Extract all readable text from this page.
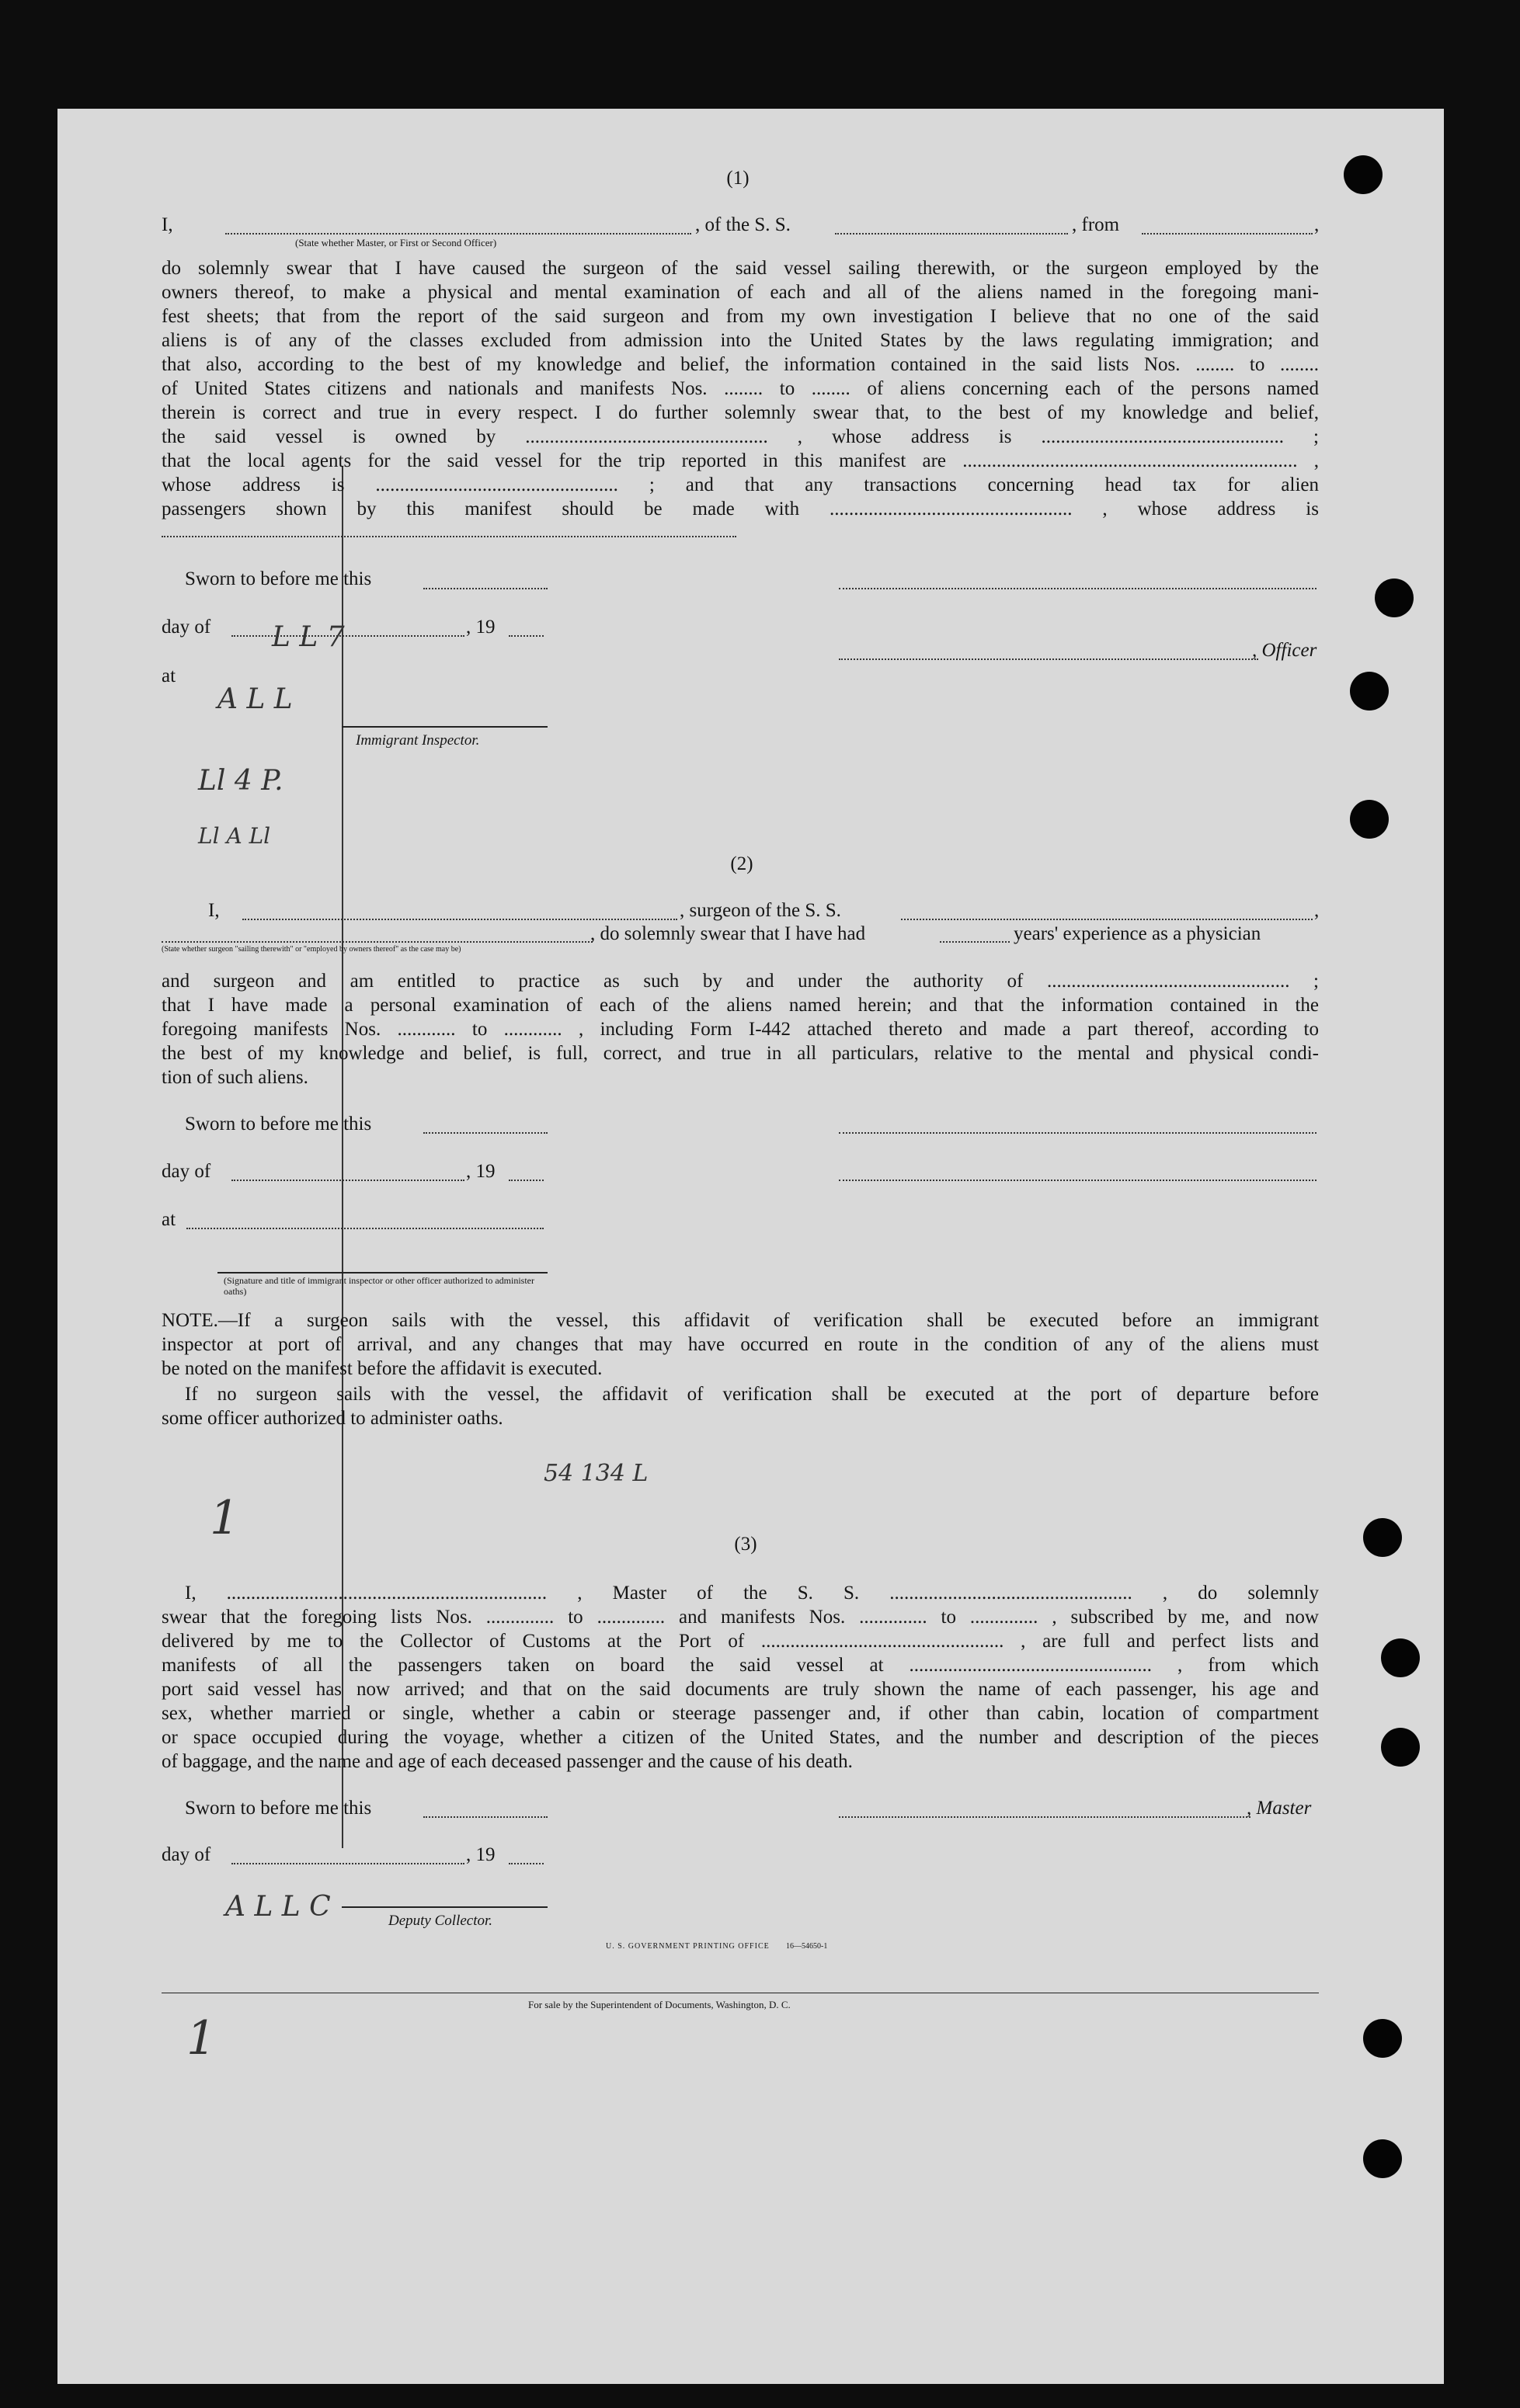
(1)
I,	, of the S. S.	, from	,
(State whether Master, or First or Second Officer)
do solemnly swear that I have caused the surgeon of the said vessel sailing therewith, or the surgeon employed by the
owners thereof, to make a physical and mental examination of each and all of the aliens named in the foregoing mani-
fest sheets; that from the report of the said surgeon and from my own investigation I believe that no one of the said
aliens is of any of the classes excluded from admission into the United States by the laws regulating immigration; and
that also, according to the best of my knowledge and belief, the information contained in the said lists Nos. ........ to ........
of United States citizens and nationals and manifests Nos. ........ to ........ of aliens concerning each of the persons named
therein is correct and true in every respect. I do further solemnly swear that, to the best of my knowledge and belief,
the said vessel is owned by .................................................. , whose address is .................................................. ;
that the local agents for the said vessel for the trip reported in this manifest are ..................................................................... ,
whose address is .................................................. ; and that any transactions concerning head tax for alien
passengers shown by this manifest should be made with .................................................. , whose address is
Sworn to before me this
day of	, 19
, Officer
at
Immigrant Inspector.
(2)
I,	, surgeon of the S. S.	,
, do solemnly swear that I have had	years' experience as a physician
(State whether surgeon "sailing therewith" or "employed by owners thereof" as the case may be)
and surgeon and am entitled to practice as such by and under the authority of .................................................. ;
that I have made a personal examination of each of the aliens named herein; and that the information contained in the
foregoing manifests Nos. ............ to ............ , including Form I-442 attached thereto and made a part thereof, according to
the best of my knowledge and belief, is full, correct, and true in all particulars, relative to the mental and physical condi-
tion of such aliens.
Sworn to before me this
day of	, 19
at
(Signature and title of immigrant inspector or other officer authorized to administer oaths)
NOTE.—If a surgeon sails with the vessel, this affidavit of verification shall be executed before an immigrant
inspector at port of arrival, and any changes that may have occurred en route in the condition of any of the aliens must
be noted on the manifest before the affidavit is executed.
If no surgeon sails with the vessel, the affidavit of verification shall be executed at the port of departure before
some officer authorized to administer oaths.
(3)
I, .................................................................. , Master of the S. S. .................................................. , do solemnly
swear that the foregoing lists Nos. .............. to .............. and manifests Nos. .............. to .............. , subscribed by me, and now
delivered by me to the Collector of Customs at the Port of .................................................. , are full and perfect lists and
manifests of all the passengers taken on board the said vessel at .................................................. , from which
port said vessel has now arrived; and that on the said documents are truly shown the name of each passenger, his age and
sex, whether married or single, whether a cabin or steerage passenger and, if other than cabin, location of compartment
or space occupied during the voyage, whether a citizen of the United States, and the number and description of the pieces
of baggage, and the name and age of each deceased passenger and the cause of his death.
Sworn to before me this	, Master
day of	, 19
Deputy Collector.
U. S. GOVERNMENT PRINTING OFFICE 16—54650-1
For sale by the Superintendent of Documents, Washington, D. C.
Ll 4 P.
Ll A Ll
L L 7
A L L
54 134 L
1
A L L C
1
